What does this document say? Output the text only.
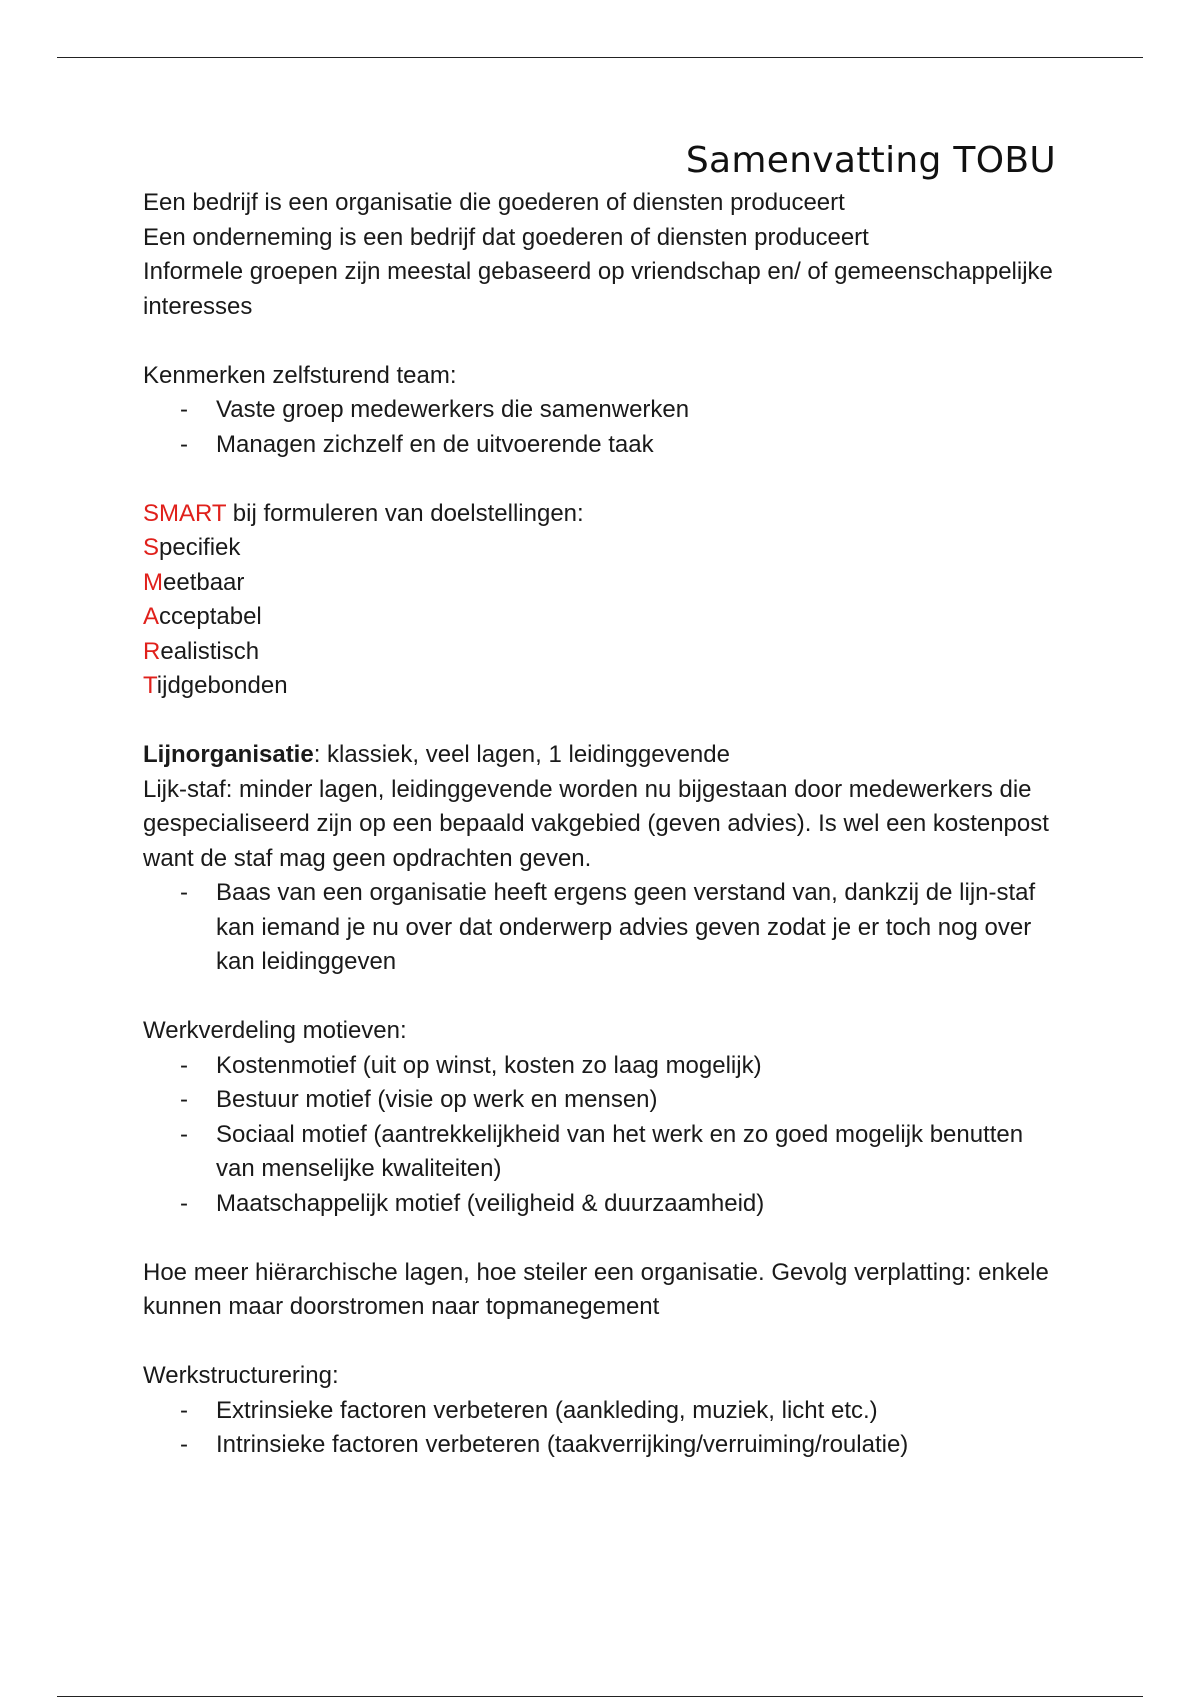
Samenvatting TOBU

Een bedrijf is een organisatie die goederen of diensten produceert

Een onderneming is een bedrijf dat goederen of diensten produceert

Informele groepen zijn meestal gebaseerd op vriendschap en/ of gemeenschappelijke interesses

Kenmerken zelfsturend team:

- Vaste groep medewerkers die samenwerken
- Managen zichzelf en de uitvoerende taak

SMART bij formuleren van doelstellingen:

Specifiek

Meetbaar

Acceptabel

Realistisch

Tijdgebonden

Lijnorganisatie: klassiek, veel lagen, 1 leidinggevende

Lijk-staf: minder lagen, leidinggevende worden nu bijgestaan door medewerkers die gespecialiseerd zijn op een bepaald vakgebied (geven advies). Is wel een kostenpost want de staf mag geen opdrachten geven.

- Baas van een organisatie heeft ergens geen verstand van, dankzij de lijn-staf kan iemand je nu over dat onderwerp advies geven zodat je er toch nog over kan leidinggeven

Werkverdeling motieven:

- Kostenmotief (uit op winst, kosten zo laag mogelijk)
- Bestuur motief (visie op werk en mensen)
- Sociaal motief (aantrekkelijkheid van het werk en zo goed mogelijk benutten van menselijke kwaliteiten)
- Maatschappelijk motief (veiligheid & duurzaamheid)

Hoe meer hiërarchische lagen, hoe steiler een organisatie. Gevolg verplatting: enkele kunnen maar doorstromen naar topmanegement

Werkstructurering:

- Extrinsieke factoren verbeteren (aankleding, muziek, licht etc.)
- Intrinsieke factoren verbeteren (taakverrijking/verruiming/roulatie)
